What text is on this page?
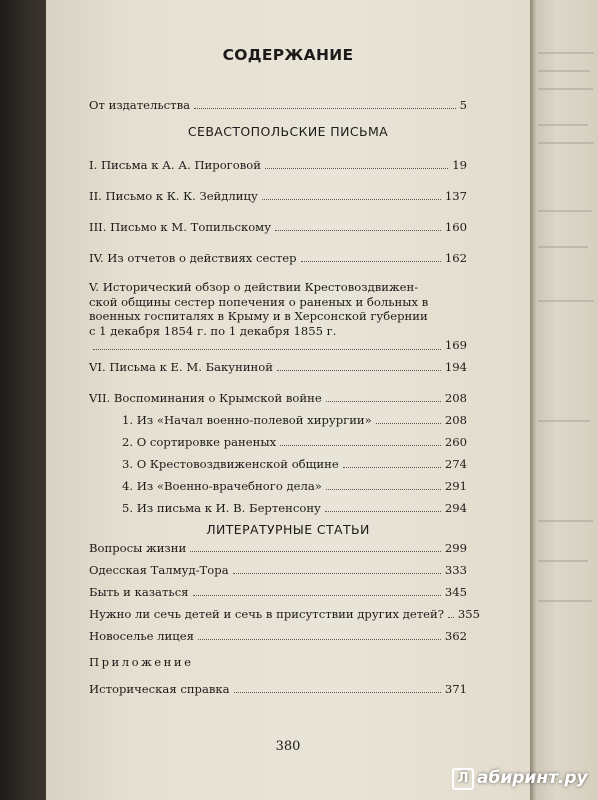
СОДЕРЖАНИЕ
От издательства	5
СЕВАСТОПОЛЬСКИЕ ПИСЬМА
I. Письма к А. А. Пироговой	19
II. Письмо к К. К. Зейдлицу	137
III. Письмо к М. Топильскому	160
IV. Из отчетов о действиях сестер	162
V. Исторический обзор о действии Крестовоздвижен-
ской общины сестер попечения о раненых и больных в
военных госпиталях в Крыму и в Херсонской губернии
с 1 декабря 1854 г. по 1 декабря 1855 г.
169
VI. Письма к Е. М. Бакуниной	194
VII. Воспоминания о Крымской войне	208
1. Из «Начал военно-полевой хирургии»	208
2. О сортировке раненых	260
3. О Крестовоздвиженской общине	274
4. Из «Военно-врачебного дела»	291
5. Из письма к И. В. Бертенсону	294
ЛИТЕРАТУРНЫЕ СТАТЬИ
Вопросы жизни	299
Одесская Талмуд-Тора	333
Быть и казаться	345
Нужно ли сечь детей и сечь в присутствии других детей? 355
Новоселье лицея	362
Приложение
Историческая справка	371
380
Л абиринт.ру
